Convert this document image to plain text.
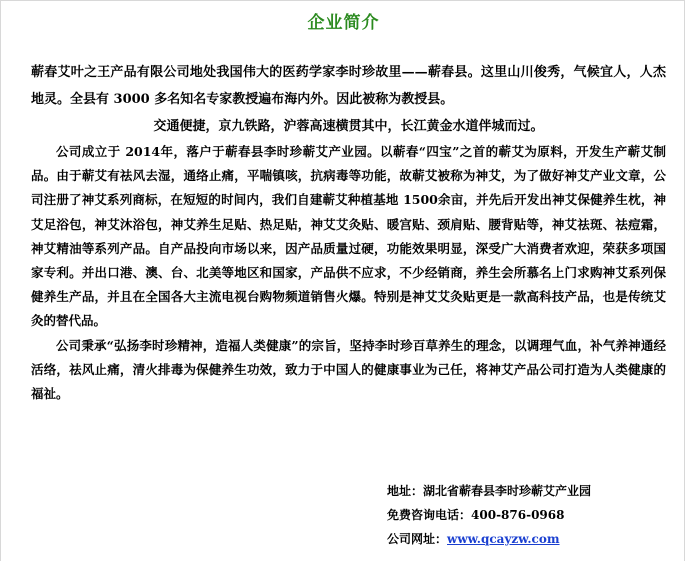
企业简介
蕲春艾叶之王产品有限公司地处我国伟大的医药学家李时珍故里——蕲春县。这里山川俊秀，气候宜人，人杰地灵。全县有 3000 多名知名专家教授遍布海内外。因此被称为教授县。
交通便捷，京九铁路，沪蓉高速横贯其中，长江黄金水道伴城而过。

公司成立于 2014年，落户于蕲春县李时珍蕲艾产业园。以蕲春“四宝”之首的蕲艾为原料，开发生产蕲艾制品。由于蕲艾有祛风去湿，通络止痛，平喘镇咳，抗病毒等功能，故蕲艾被称为神艾，为了做好神艾产业文章，公司注册了神艾系列商标，在短短的时间内，我们自建蕲艾种植基地 1500余亩，并先后开发出神艾保健养生枕，神艾足浴包，神艾沐浴包，神艾养生足贴、热足贴，神艾艾灸贴、暖宫贴、颈肩贴、腰背贴等，神艾祛斑、祛痘霜，神艾精油等系列产品。自产品投向市场以来，因产品质量过硬，功能效果明显，深受广大消费者欢迎，荣获多项国家专利。并出口港、澳、台、北美等地区和国家，产品供不应求，不少经销商，养生会所慕名上门求购神艾系列保健养生产品，并且在全国各大主流电视台购物频道销售火爆。特别是神艾艾灸贴更是一款高科技产品，也是传统艾灸的替代品。

公司秉承“弘扬李时珍精神，造福人类健康”的宗旨，坚持李时珍百草养生的理念，以调理气血，补气养神通经活络，祛风止痛，清火排毒为保健养生功效，致力于中国人的健康事业为己任，将神艾产品公司打造为人类健康的福祉。

地址：湖北省蕲春县李时珍蕲艾产业园
免费咨询电话：400-876-0968
公司网址：www.qcayzw.com
